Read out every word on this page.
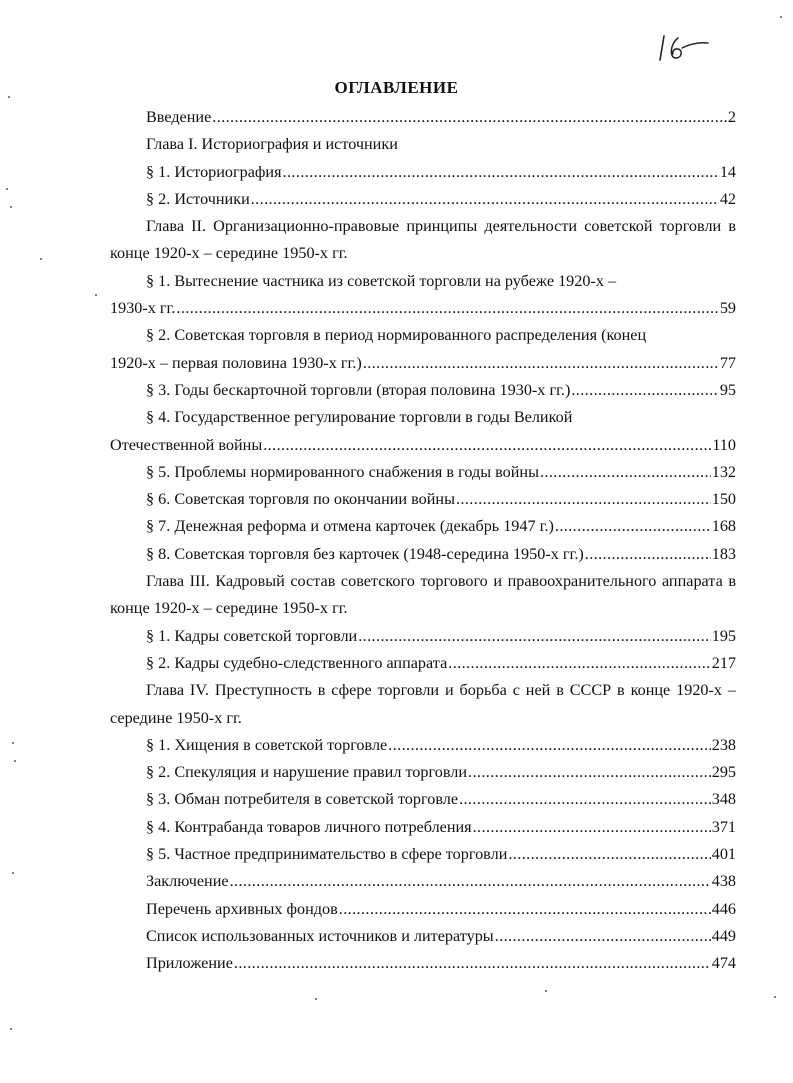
ОГЛАВЛЕНИЕ
Введение .....	2
Глава I. Историография и источники
§ 1. Историография .....	14
§ 2. Источники .....	42
Глава II. Организационно-правовые принципы деятельности советской торговли в конце 1920-х – середине 1950-х гг.
§ 1. Вытеснение частника из советской торговли на рубеже 1920-х –
1930-х гг. .....	59
§ 2. Советская торговля в период нормированного распределения (конец
1920-х – первая половина 1930-х гг.) .....	77
§ 3. Годы бескарточной торговли (вторая половина 1930-х гг.) .....	95
§ 4. Государственное регулирование торговли в годы Великой
Отечественной войны .....	110
§ 5. Проблемы нормированного снабжения в годы войны .....	132
§ 6. Советская торговля по окончании войны .....	150
§ 7. Денежная реформа и отмена карточек (декабрь 1947 г.) .....	168
§ 8. Советская торговля без карточек (1948-середина 1950-х гг.) .....	183
Глава III. Кадровый состав советского торгового и правоохранительного аппарата в конце 1920-х – середине 1950-х гг.
§ 1. Кадры советской торговли .....	195
§ 2. Кадры судебно-следственного аппарата .....	217
Глава IV. Преступность в сфере торговли и борьба с ней в СССР в конце 1920-х – середине 1950-х гг.
§ 1. Хищения в советской торговле .....	238
§ 2. Спекуляция и нарушение правил торговли .....	295
§ 3. Обман потребителя в советской торговле .....	348
§ 4. Контрабанда товаров личного потребления .....	371
§ 5. Частное предпринимательство в сфере торговли .....	401
Заключение .....	438
Перечень архивных фондов .....	446
Список использованных источников и литературы .....	449
Приложение .....	474
